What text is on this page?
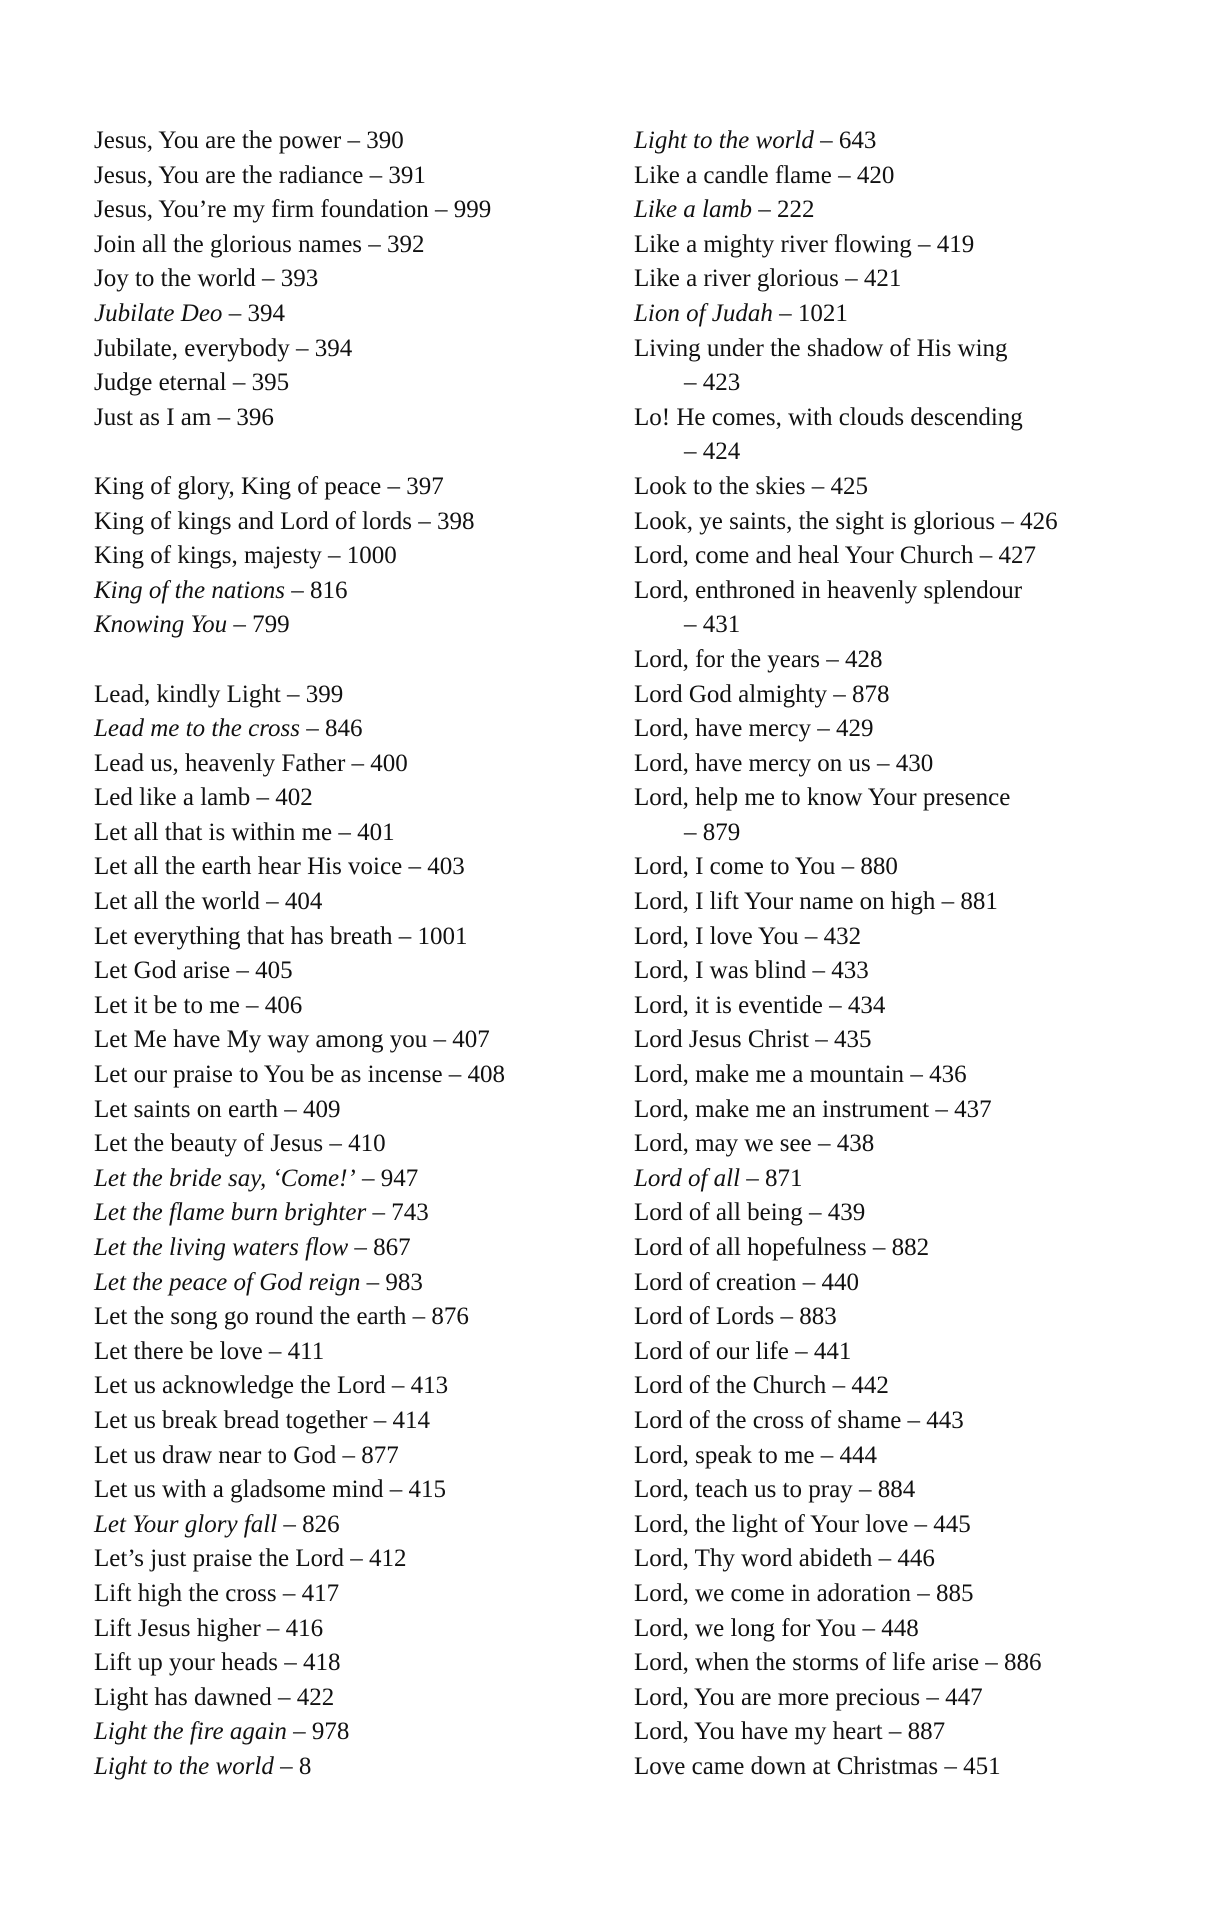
Jesus, You are the power – 390
Jesus, You are the radiance – 391
Jesus, You’re my firm foundation – 999
Join all the glorious names – 392
Joy to the world – 393
Jubilate Deo – 394
Jubilate, everybody – 394
Judge eternal – 395
Just as I am – 396
King of glory, King of peace – 397
King of kings and Lord of lords – 398
King of kings, majesty – 1000
King of the nations – 816
Knowing You – 799
Lead, kindly Light – 399
Lead me to the cross – 846
Lead us, heavenly Father – 400
Led like a lamb – 402
Let all that is within me – 401
Let all the earth hear His voice – 403
Let all the world – 404
Let everything that has breath – 1001
Let God arise – 405
Let it be to me – 406
Let Me have My way among you – 407
Let our praise to You be as incense – 408
Let saints on earth – 409
Let the beauty of Jesus – 410
Let the bride say, ‘Come!’ – 947
Let the flame burn brighter – 743
Let the living waters flow – 867
Let the peace of God reign – 983
Let the song go round the earth – 876
Let there be love – 411
Let us acknowledge the Lord – 413
Let us break bread together – 414
Let us draw near to God – 877
Let us with a gladsome mind – 415
Let Your glory fall – 826
Let’s just praise the Lord – 412
Lift high the cross – 417
Lift Jesus higher – 416
Lift up your heads – 418
Light has dawned – 422
Light the fire again – 978
Light to the world – 8
Light to the world – 643
Like a candle flame – 420
Like a lamb – 222
Like a mighty river flowing – 419
Like a river glorious – 421
Lion of Judah – 1021
Living under the shadow of His wing
– 423
Lo! He comes, with clouds descending
– 424
Look to the skies – 425
Look, ye saints, the sight is glorious – 426
Lord, come and heal Your Church – 427
Lord, enthroned in heavenly splendour
– 431
Lord, for the years – 428
Lord God almighty – 878
Lord, have mercy – 429
Lord, have mercy on us – 430
Lord, help me to know Your presence
– 879
Lord, I come to You – 880
Lord, I lift Your name on high – 881
Lord, I love You – 432
Lord, I was blind – 433
Lord, it is eventide – 434
Lord Jesus Christ – 435
Lord, make me a mountain – 436
Lord, make me an instrument – 437
Lord, may we see – 438
Lord of all – 871
Lord of all being – 439
Lord of all hopefulness – 882
Lord of creation – 440
Lord of Lords – 883
Lord of our life – 441
Lord of the Church – 442
Lord of the cross of shame – 443
Lord, speak to me – 444
Lord, teach us to pray – 884
Lord, the light of Your love – 445
Lord, Thy word abideth – 446
Lord, we come in adoration – 885
Lord, we long for You – 448
Lord, when the storms of life arise – 886
Lord, You are more precious – 447
Lord, You have my heart – 887
Love came down at Christmas – 451
